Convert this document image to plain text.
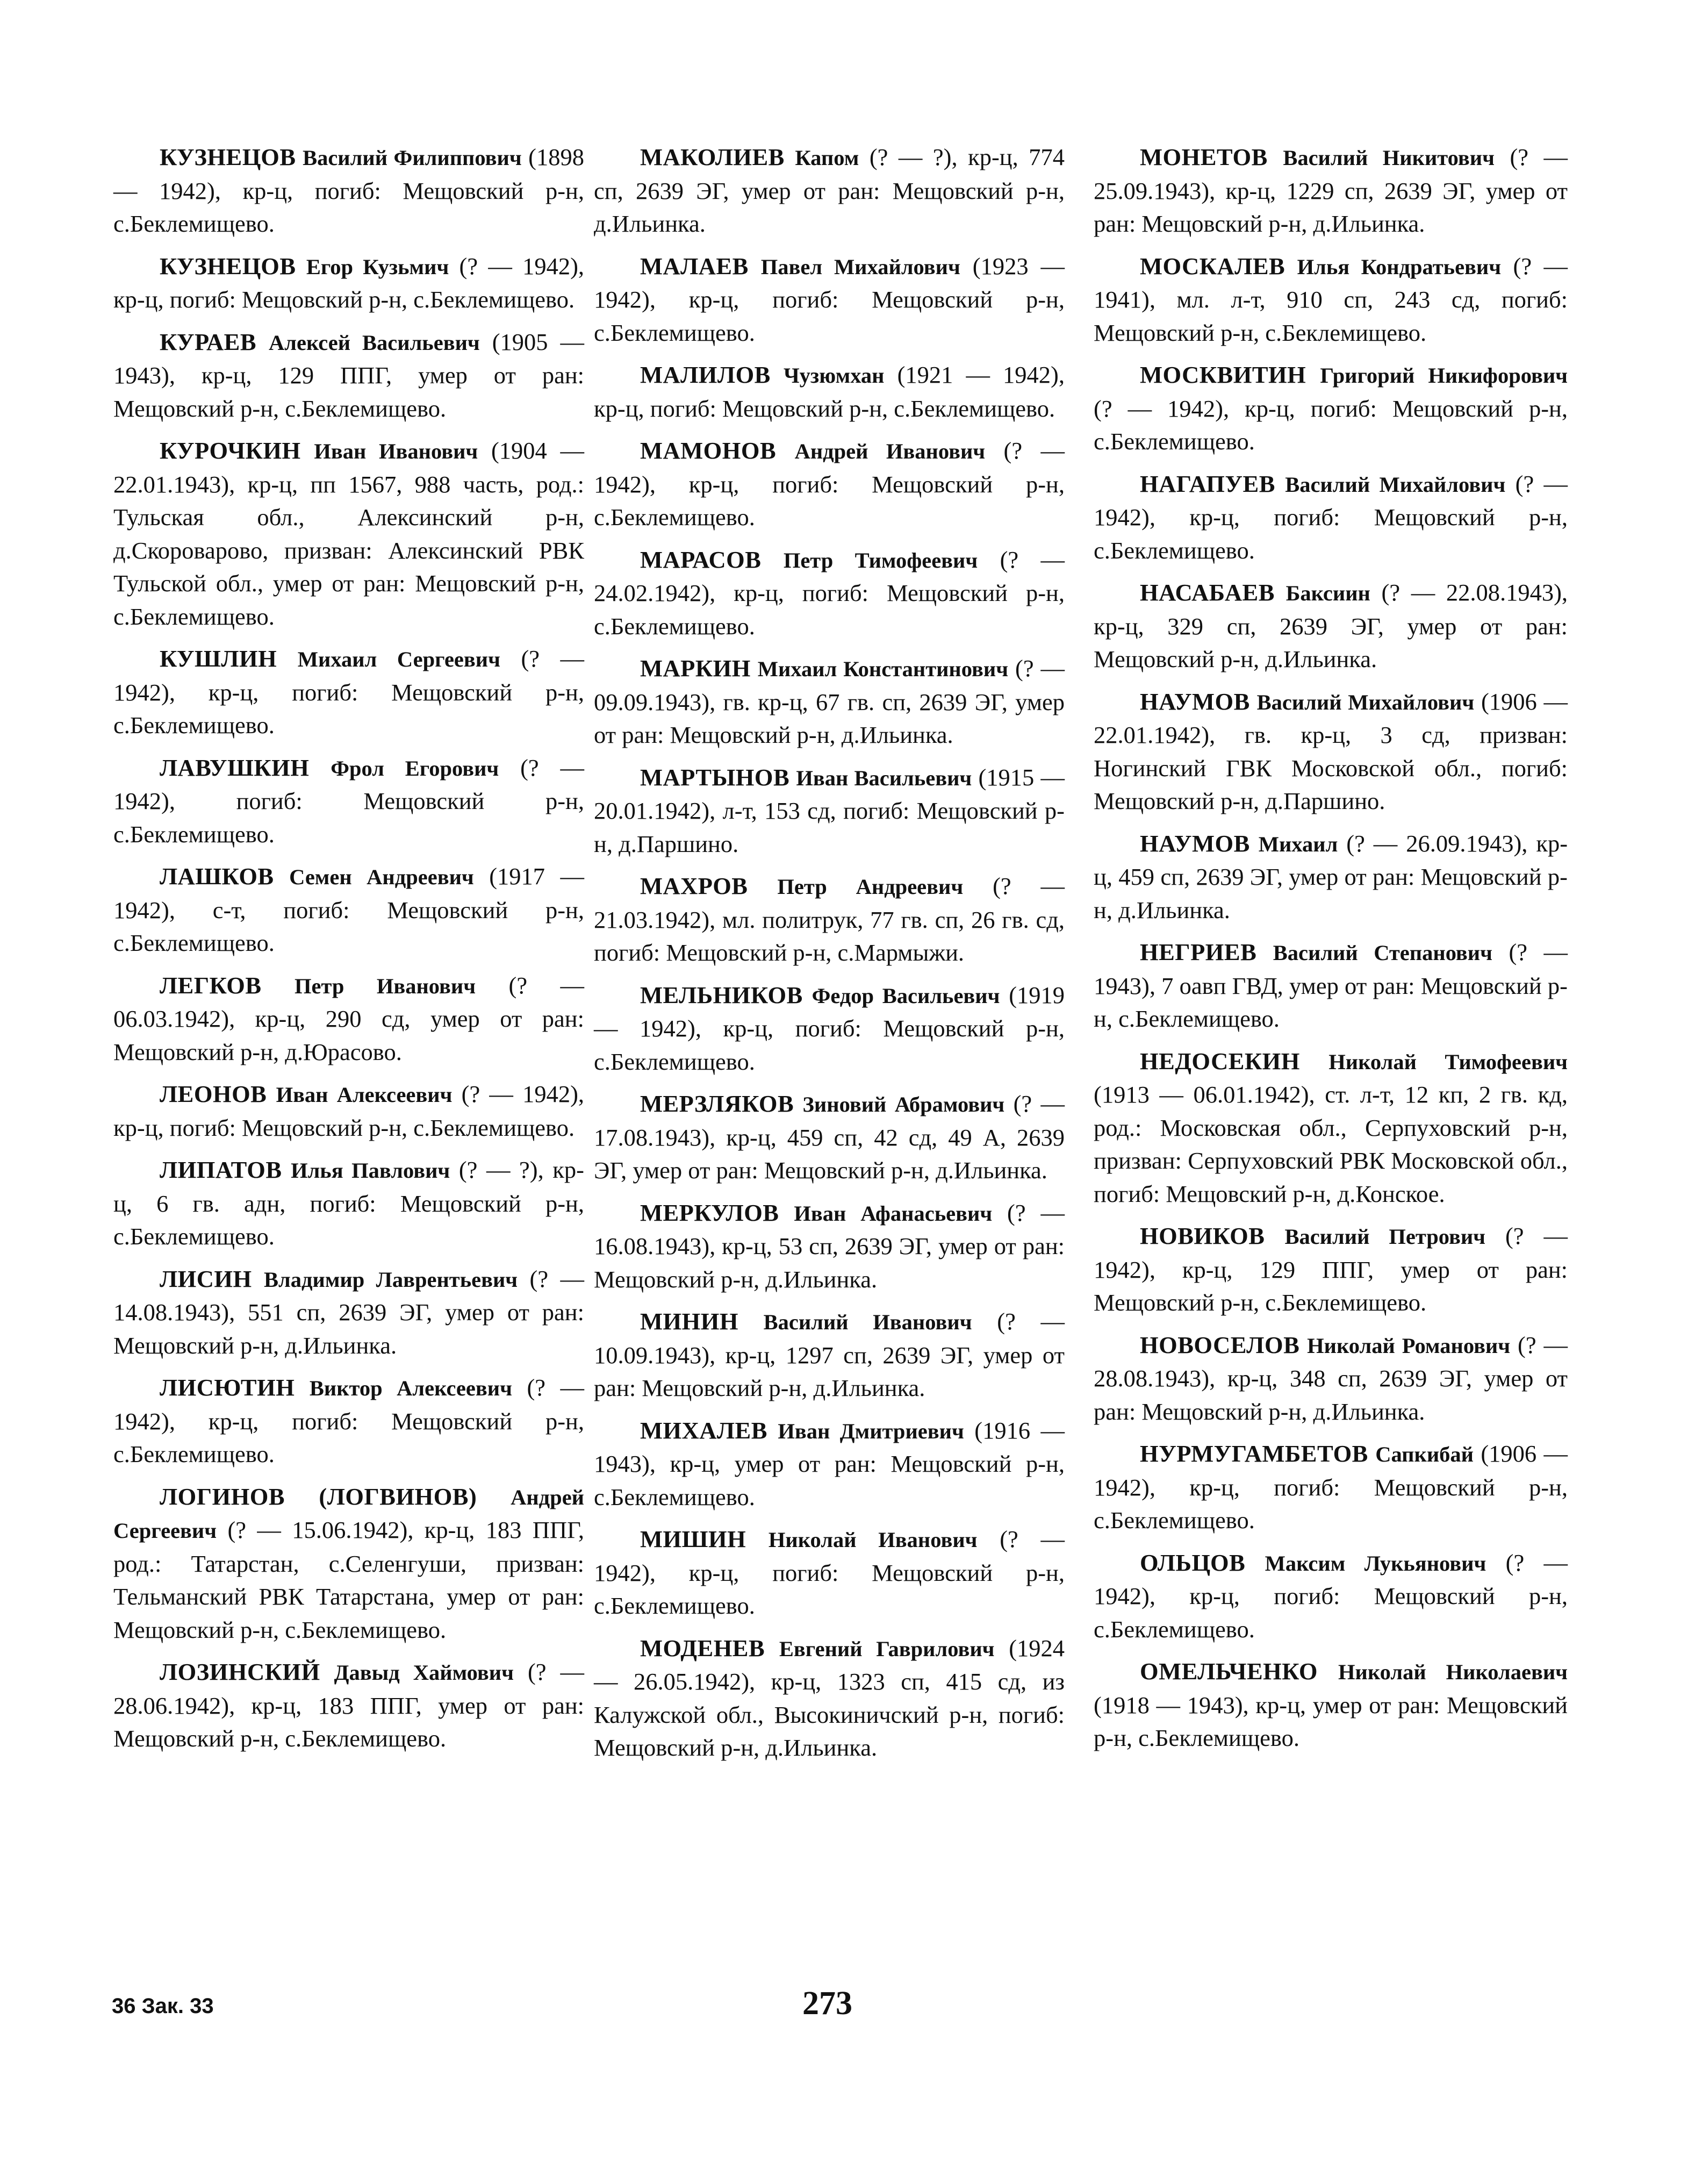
КУЗНЕЦОВ Василий Филиппович (1898 — 1942), кр-ц, погиб: Мещовский р-н, с.Беклемищево.

КУЗНЕЦОВ Егор Кузьмич (? — 1942), кр-ц, погиб: Мещовский р-н, с.Беклемищево.

КУРАЕВ Алексей Васильевич (1905 — 1943), кр-ц, 129 ППГ, умер от ран: Мещовский р-н, с.Беклемищево.

КУРОЧКИН Иван Иванович (1904 — 22.01.1943), кр-ц, пп 1567, 988 часть, род.: Тульская обл., Алексинский р-н, д.Скороварово, призван: Алексинский РВК Тульской обл., умер от ран: Мещовский р-н, с.Беклемищево.

КУШЛИН Михаил Сергеевич (? — 1942), кр-ц, погиб: Мещовский р-н, с.Беклемищево.

ЛАВУШКИН Фрол Егорович (? — 1942), погиб: Мещовский р-н, с.Беклемищево.

ЛАШКОВ Семен Андреевич (1917 — 1942), с-т, погиб: Мещовский р-н, с.Беклемищево.

ЛЕГКОВ Петр Иванович (? — 06.03.1942), кр-ц, 290 сд, умер от ран: Мещовский р-н, д.Юрасово.

ЛЕОНОВ Иван Алексеевич (? — 1942), кр-ц, погиб: Мещовский р-н, с.Беклемищево.

ЛИПАТОВ Илья Павлович (? — ?), кр-ц, 6 гв. адн, погиб: Мещовский р-н, с.Беклемищево.

ЛИСИН Владимир Лаврентьевич (? — 14.08.1943), 551 сп, 2639 ЭГ, умер от ран: Мещовский р-н, д.Ильинка.

ЛИСЮТИН Виктор Алексеевич (? — 1942), кр-ц, погиб: Мещовский р-н, с.Беклемищево.

ЛОГИНОВ (ЛОГВИНОВ) Андрей Сергеевич (? — 15.06.1942), кр-ц, 183 ППГ, род.: Татарстан, с.Селенгуши, призван: Тельманский РВК Татарстана, умер от ран: Мещовский р-н, с.Беклемищево.

ЛОЗИНСКИЙ Давыд Хаймович (? — 28.06.1942), кр-ц, 183 ППГ, умер от ран: Мещовский р-н, с.Беклемищево.

МАКОЛИЕВ Капом (? — ?), кр-ц, 774 сп, 2639 ЭГ, умер от ран: Мещовский р-н, д.Ильинка.

МАЛАЕВ Павел Михайлович (1923 — 1942), кр-ц, погиб: Мещовский р-н, с.Беклемищево.

МАЛИЛОВ Чузюмхан (1921 — 1942), кр-ц, погиб: Мещовский р-н, с.Беклемищево.

МАМОНОВ Андрей Иванович (? — 1942), кр-ц, погиб: Мещовский р-н, с.Беклемищево.

МАРАСОВ Петр Тимофеевич (? — 24.02.1942), кр-ц, погиб: Мещовский р-н, с.Беклемищево.

МАРКИН Михаил Константинович (? — 09.09.1943), гв. кр-ц, 67 гв. сп, 2639 ЭГ, умер от ран: Мещовский р-н, д.Ильинка.

МАРТЫНОВ Иван Васильевич (1915 — 20.01.1942), л-т, 153 сд, погиб: Мещовский р-н, д.Паршино.

МАХРОВ Петр Андреевич (? — 21.03.1942), мл. политрук, 77 гв. сп, 26 гв. сд, погиб: Мещовский р-н, с.Мармыжи.

МЕЛЬНИКОВ Федор Васильевич (1919 — 1942), кр-ц, погиб: Мещовский р-н, с.Беклемищево.

МЕРЗЛЯКОВ Зиновий Абрамович (? — 17.08.1943), кр-ц, 459 сп, 42 сд, 49 А, 2639 ЭГ, умер от ран: Мещовский р-н, д.Ильинка.

МЕРКУЛОВ Иван Афанасьевич (? — 16.08.1943), кр-ц, 53 сп, 2639 ЭГ, умер от ран: Мещовский р-н, д.Ильинка.

МИНИН Василий Иванович (? — 10.09.1943), кр-ц, 1297 сп, 2639 ЭГ, умер от ран: Мещовский р-н, д.Ильинка.

МИХАЛЕВ Иван Дмитриевич (1916 — 1943), кр-ц, умер от ран: Мещовский р-н, с.Беклемищево.

МИШИН Николай Иванович (? — 1942), кр-ц, погиб: Мещовский р-н, с.Беклемищево.

МОДЕНЕВ Евгений Гаврилович (1924 — 26.05.1942), кр-ц, 1323 сп, 415 сд, из Калужской обл., Высокиничский р-н, погиб: Мещовский р-н, д.Ильинка.

МОНЕТОВ Василий Никитович (? — 25.09.1943), кр-ц, 1229 сп, 2639 ЭГ, умер от ран: Мещовский р-н, д.Ильинка.

МОСКАЛЕВ Илья Кондратьевич (? — 1941), мл. л-т, 910 сп, 243 сд, погиб: Мещовский р-н, с.Беклемищево.

МОСКВИТИН Григорий Никифорович (? — 1942), кр-ц, погиб: Мещовский р-н, с.Беклемищево.

НАГАПУЕВ Василий Михайлович (? — 1942), кр-ц, погиб: Мещовский р-н, с.Беклемищево.

НАСАБАЕВ Баксиин (? — 22.08.1943), кр-ц, 329 сп, 2639 ЭГ, умер от ран: Мещовский р-н, д.Ильинка.

НАУМОВ Василий Михайлович (1906 — 22.01.1942), гв. кр-ц, 3 сд, призван: Ногинский ГВК Московской обл., погиб: Мещовский р-н, д.Паршино.

НАУМОВ Михаил (? — 26.09.1943), кр-ц, 459 сп, 2639 ЭГ, умер от ран: Мещовский р-н, д.Ильинка.

НЕГРИЕВ Василий Степанович (? — 1943), 7 оавп ГВД, умер от ран: Мещовский р-н, с.Беклемищево.

НЕДОСЕКИН Николай Тимофеевич (1913 — 06.01.1942), ст. л-т, 12 кп, 2 гв. кд, род.: Московская обл., Серпуховский р-н, призван: Серпуховский РВК Московской обл., погиб: Мещовский р-н, д.Конское.

НОВИКОВ Василий Петрович (? — 1942), кр-ц, 129 ППГ, умер от ран: Мещовский р-н, с.Беклемищево.

НОВОСЕЛОВ Николай Романович (? — 28.08.1943), кр-ц, 348 сп, 2639 ЭГ, умер от ран: Мещовский р-н, д.Ильинка.

НУРМУГАМБЕТОВ Сапкибай (1906 — 1942), кр-ц, погиб: Мещовский р-н, с.Беклемищево.

ОЛЬЦОВ Максим Лукьянович (? — 1942), кр-ц, погиб: Мещовский р-н, с.Беклемищево.

ОМЕЛЬЧЕНКО Николай Николаевич (1918 — 1943), кр-ц, умер от ран: Мещовский р-н, с.Беклемищево.

36 Зак. 33	273
